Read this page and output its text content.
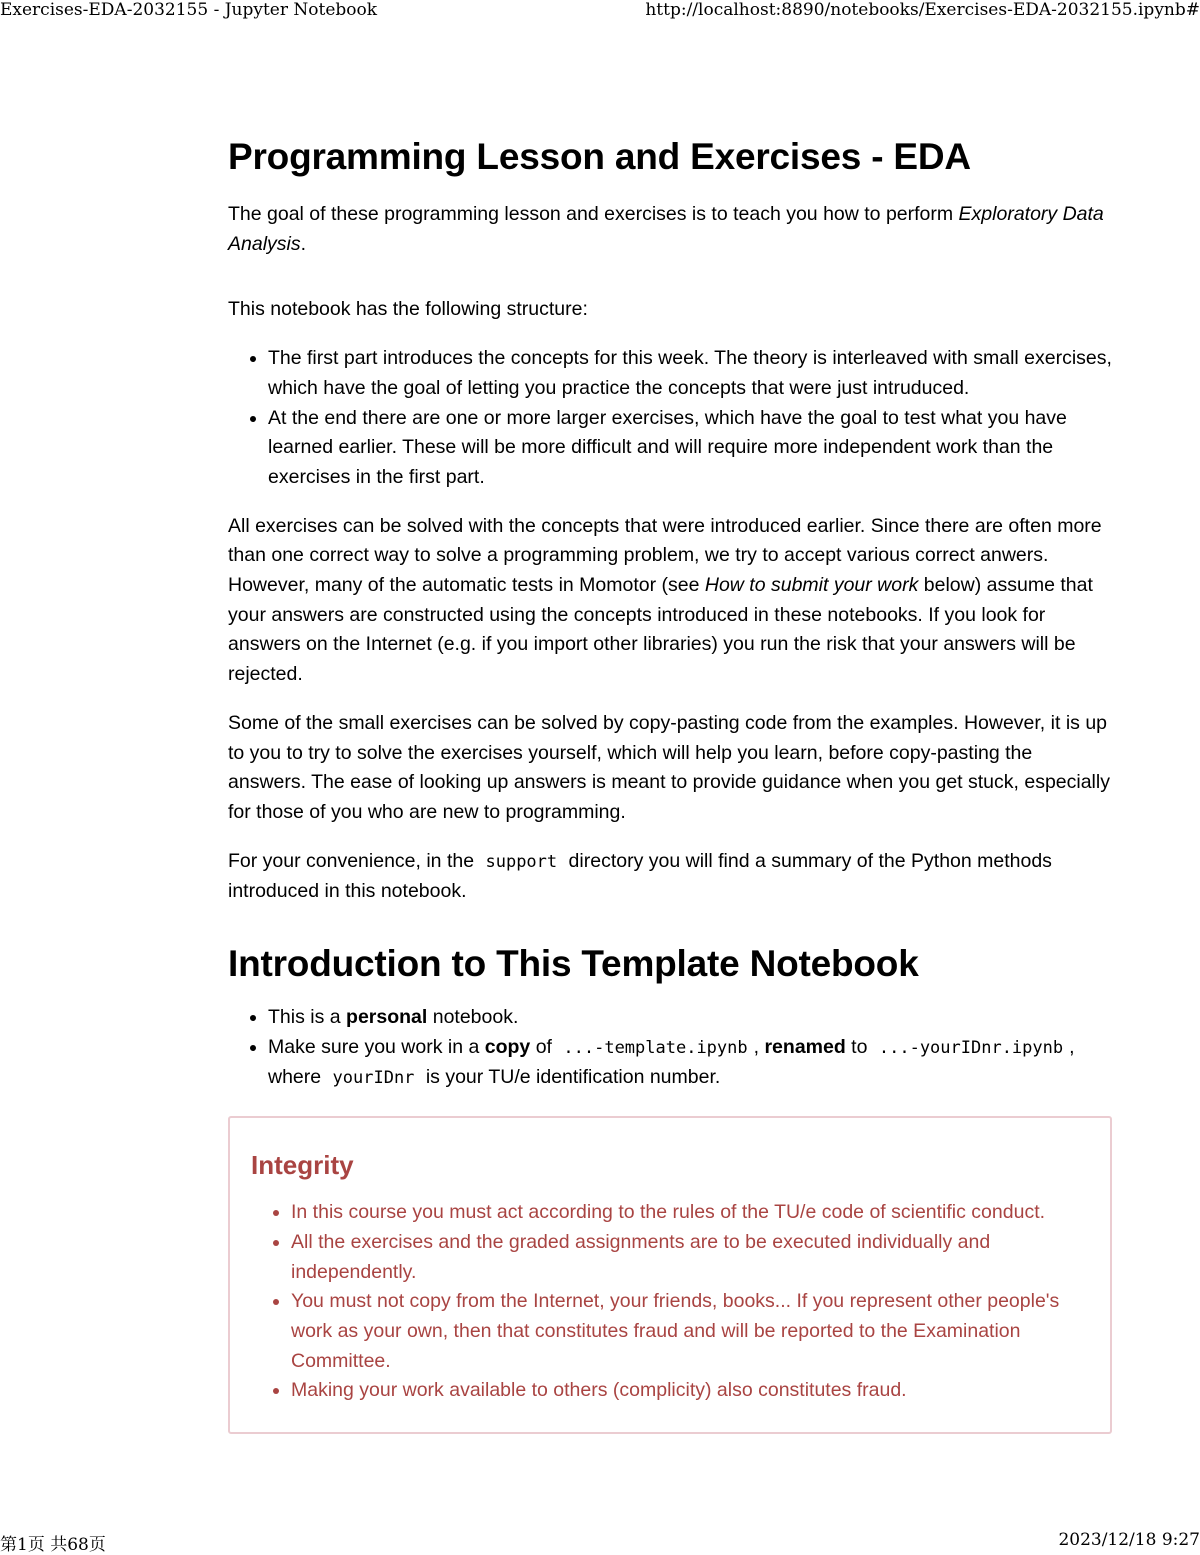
Exercises-EDA-2032155 - Jupyter Notebook	http://localhost:8890/notebooks/Exercises-EDA-2032155.ipynb#
Programming Lesson and Exercises - EDA

The goal of these programming lesson and exercises is to teach you how to perform Exploratory Data Analysis.

This notebook has the following structure:

• The first part introduces the concepts for this week. The theory is interleaved with small exercises, which have the goal of letting you practice the concepts that were just intruduced.
• At the end there are one or more larger exercises, which have the goal to test what you have learned earlier. These will be more difficult and will require more independent work than the exercises in the first part.

All exercises can be solved with the concepts that were introduced earlier. Since there are often more than one correct way to solve a programming problem, we try to accept various correct anwers. However, many of the automatic tests in Momotor (see How to submit your work below) assume that your answers are constructed using the concepts introduced in these notebooks. If you look for answers on the Internet (e.g. if you import other libraries) you run the risk that your answers will be rejected.

Some of the small exercises can be solved by copy-pasting code from the examples. However, it is up to you to try to solve the exercises yourself, which will help you learn, before copy-pasting the answers. The ease of looking up answers is meant to provide guidance when you get stuck, especially for those of you who are new to programming.

For your convenience, in the support directory you will find a summary of the Python methods introduced in this notebook.

Introduction to This Template Notebook
• This is a personal notebook.
• Make sure you work in a copy of ...-template.ipynb , renamed to ...-yourIDnr.ipynb , where yourIDnr is your TU/e identification number.
Integrity
• In this course you must act according to the rules of the TU/e code of scientific conduct.
• All the exercises and the graded assignments are to be executed individually and independently.
• You must not copy from the Internet, your friends, books... If you represent other people's work as your own, then that constitutes fraud and will be reported to the Examination Committee.
• Making your work available to others (complicity) also constitutes fraud.
第1页 共68页	2023/12/18 9:27
